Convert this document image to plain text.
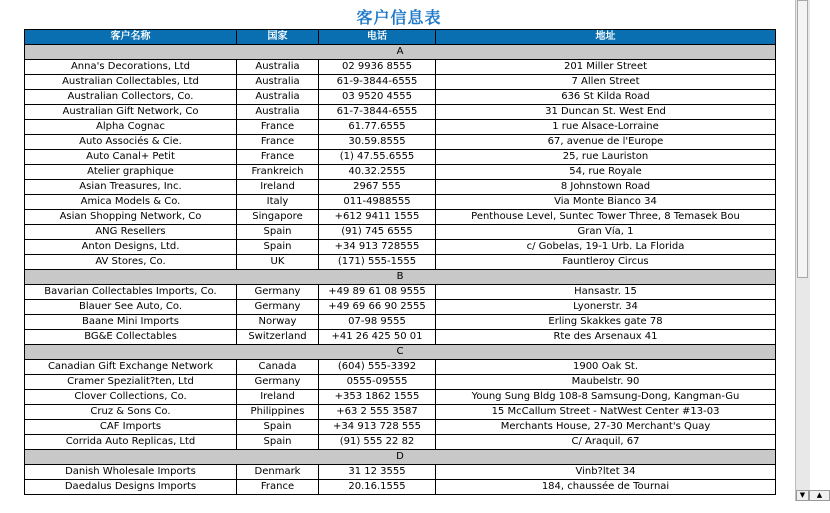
客户信息表
客户名称	国家	电话	地址
A			
Anna's Decorations, Ltd	Australia	02 9936 8555	201 Miller Street
Australian Collectables, Ltd	Australia	61-9-3844-6555	7 Allen Street
Australian Collectors, Co.	Australia	03 9520 4555	636 St Kilda Road
Australian Gift Network, Co	Australia	61-7-3844-6555	31 Duncan St. West End
Alpha Cognac	France	61.77.6555	1 rue Alsace-Lorraine
Auto Associés & Cie.	France	30.59.8555	67, avenue de l'Europe
Auto Canal+ Petit	France	(1) 47.55.6555	25, rue Lauriston
Atelier graphique	Frankreich	40.32.2555	54, rue Royale
Asian Treasures, Inc.	Ireland	2967 555	8 Johnstown Road
Amica Models & Co.	Italy	011-4988555	Via Monte Bianco 34
Asian Shopping Network, Co	Singapore	+612 9411 1555	Penthouse Level, Suntec Tower Three, 8 Temasek Bou
ANG Resellers	Spain	(91) 745 6555	Gran Vía, 1
Anton Designs, Ltd.	Spain	+34 913 728555	c/ Gobelas, 19-1 Urb. La Florida
AV Stores, Co.	UK	(171) 555-1555	Fauntleroy Circus
B			
Bavarian Collectables Imports, Co.	Germany	+49 89 61 08 9555	Hansastr. 15
Blauer See Auto, Co.	Germany	+49 69 66 90 2555	Lyonerstr. 34
Baane Mini Imports	Norway	07-98 9555	Erling Skakkes gate 78
BG&E Collectables	Switzerland	+41 26 425 50 01	Rte des Arsenaux 41
C			
Canadian Gift Exchange Network	Canada	(604) 555-3392	1900 Oak St.
Cramer Spezialit?ten, Ltd	Germany	0555-09555	Maubelstr. 90
Clover Collections, Co.	Ireland	+353 1862 1555	Young Sung Bldg 108-8 Samsung-Dong, Kangman-Gu
Cruz & Sons Co.	Philippines	+63 2 555 3587	15 McCallum Street - NatWest Center #13-03
CAF Imports	Spain	+34 913 728 555	Merchants House, 27-30 Merchant's Quay
Corrida Auto Replicas, Ltd	Spain	(91) 555 22 82	C/ Araquil, 67
D			
Danish Wholesale Imports	Denmark	31 12 3555	Vinb?ltet 34
Daedalus Designs Imports	France	20.16.1555	184, chaussée de Tournai
▼	▲
